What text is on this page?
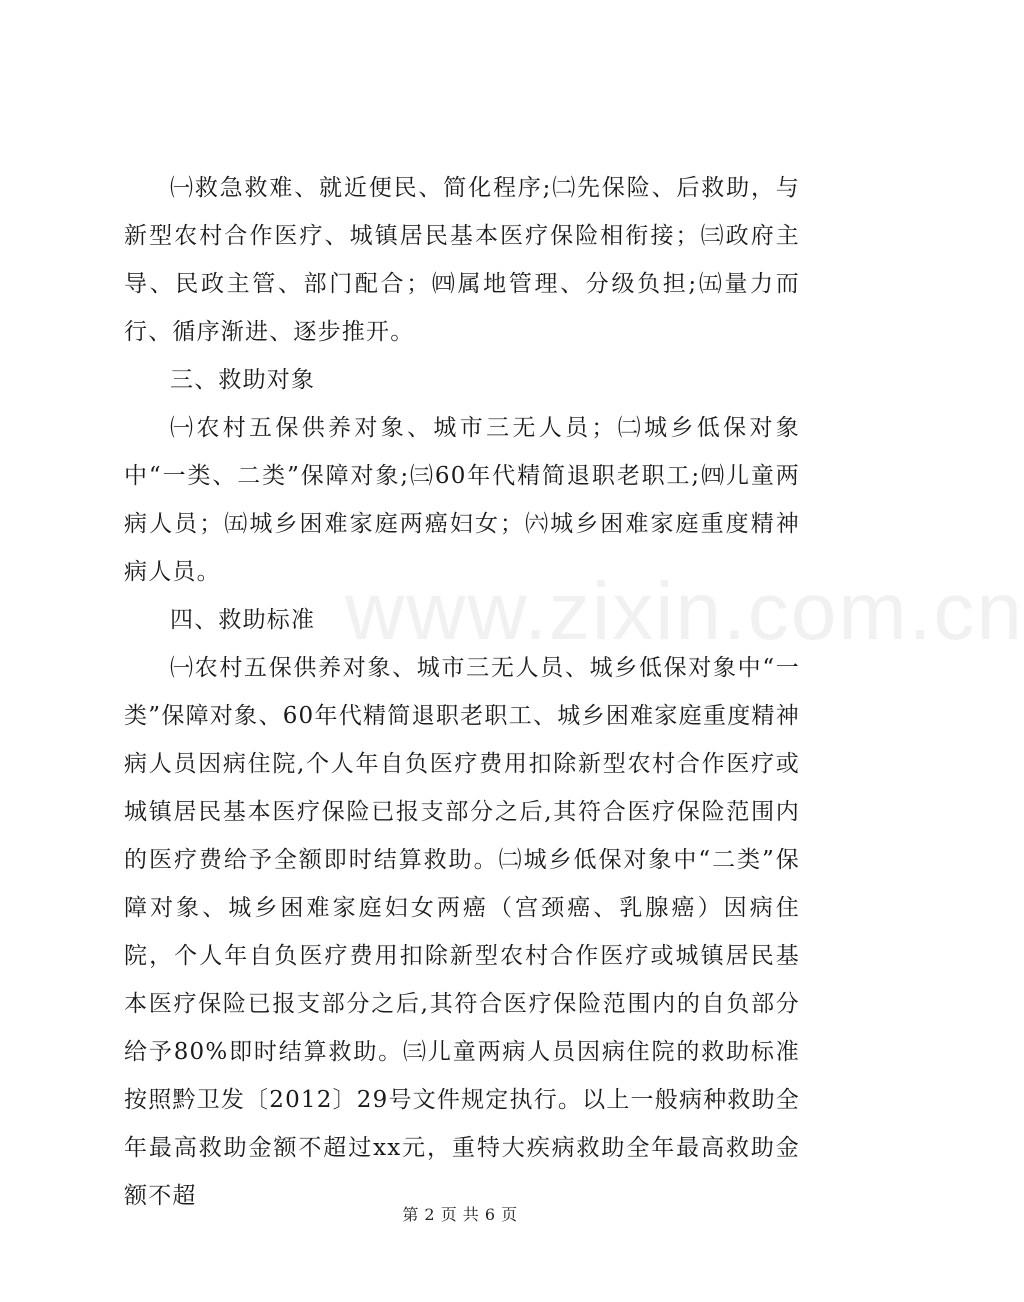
www.zixin.com.cn

㈠救急救难、就近便民、简化程序;㈡先保险、后救助，与新型农村合作医疗、城镇居民基本医疗保险相衔接；㈢政府主导、民政主管、部门配合；㈣属地管理、分级负担;㈤量力而行、循序渐进、逐步推开。

三、救助对象

㈠农村五保供养对象、城市三无人员；㈡城乡低保对象中“一类、二类”保障对象;㈢60年代精简退职老职工;㈣儿童两病人员；㈤城乡困难家庭两癌妇女；㈥城乡困难家庭重度精神病人员。

四、救助标准

㈠农村五保供养对象、城市三无人员、城乡低保对象中“一类”保障对象、60年代精简退职老职工、城乡困难家庭重度精神病人员因病住院,个人年自负医疗费用扣除新型农村合作医疗或城镇居民基本医疗保险已报支部分之后,其符合医疗保险范围内的医疗费给予全额即时结算救助。㈡城乡低保对象中“二类”保障对象、城乡困难家庭妇女两癌（宫颈癌、乳腺癌）因病住院，个人年自负医疗费用扣除新型农村合作医疗或城镇居民基本医疗保险已报支部分之后,其符合医疗保险范围内的自负部分给予80%即时结算救助。㈢儿童两病人员因病住院的救助标准按照黔卫发〔2012〕29号文件规定执行。以上一般病种救助全年最高救助金额不超过xx元，重特大疾病救助全年最高救助金额不超

第 2 页 共 6 页
